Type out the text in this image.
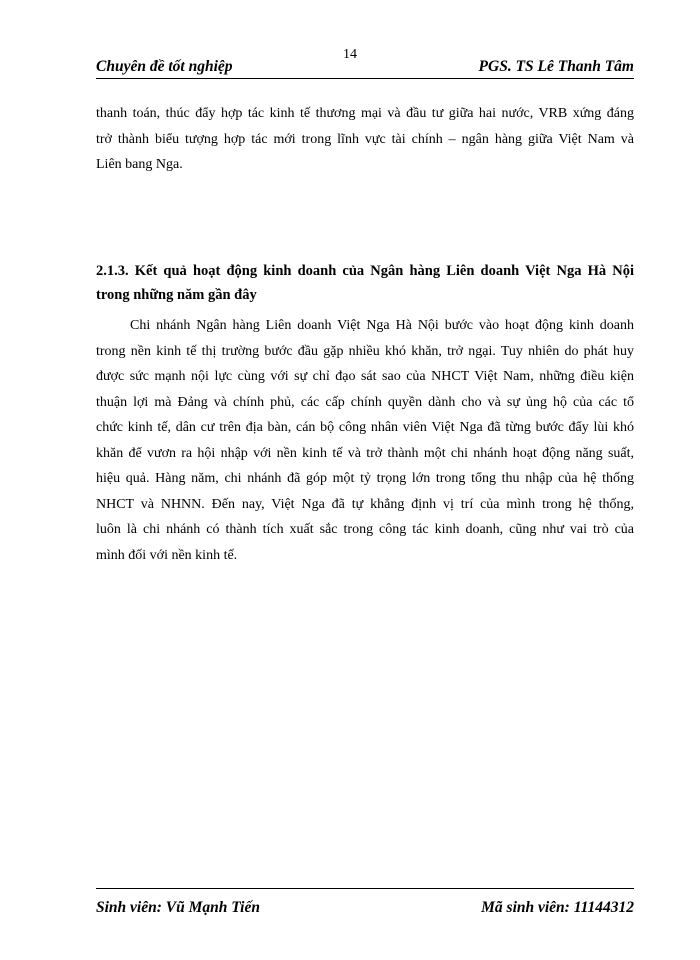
14
Chuyên đề tốt nghiệp	PGS. TS Lê Thanh Tâm
thanh toán, thúc đẩy hợp tác kinh tế thương mại và đầu tư giữa hai nước, VRB xứng đáng
trở thành biểu tượng hợp tác mới trong lĩnh vực tài chính – ngân hàng giữa Việt Nam và
Liên bang Nga.
2.1.3. Kết quả hoạt động kinh doanh của Ngân hàng Liên doanh Việt Nga Hà Nội
trong những năm gần đây
Chi nhánh Ngân hàng Liên doanh Việt Nga Hà Nội bước vào hoạt động kinh doanh
trong nền kinh tế thị trường bước đầu gặp nhiều khó khăn, trở ngại. Tuy nhiên do phát huy
được sức mạnh nội lực cùng với sự chỉ đạo sát sao của NHCT Việt Nam, những điều kiện
thuận lợi mà Đảng và chính phủ, các cấp chính quyền dành cho và sự ủng hộ của các tổ
chức kinh tế, dân cư trên địa bàn, cán bộ công nhân viên Việt Nga đã từng bước đẩy lùi khó
khăn để vươn ra hội nhập với nền kinh tế và trở thành một chi nhánh hoạt động năng suất,
hiệu quả. Hàng năm, chi nhánh đã góp một tỷ trọng lớn trong tổng thu nhập của hệ thống
NHCT và NHNN. Đến nay, Việt Nga đã tự khẳng định vị trí của mình trong hệ thống,
luôn là chi nhánh có thành tích xuất sắc trong công tác kinh doanh, cũng như vai trò của
mình đối với nền kinh tế.
Sinh viên: Vũ Mạnh Tiến	Mã sinh viên: 11144312
